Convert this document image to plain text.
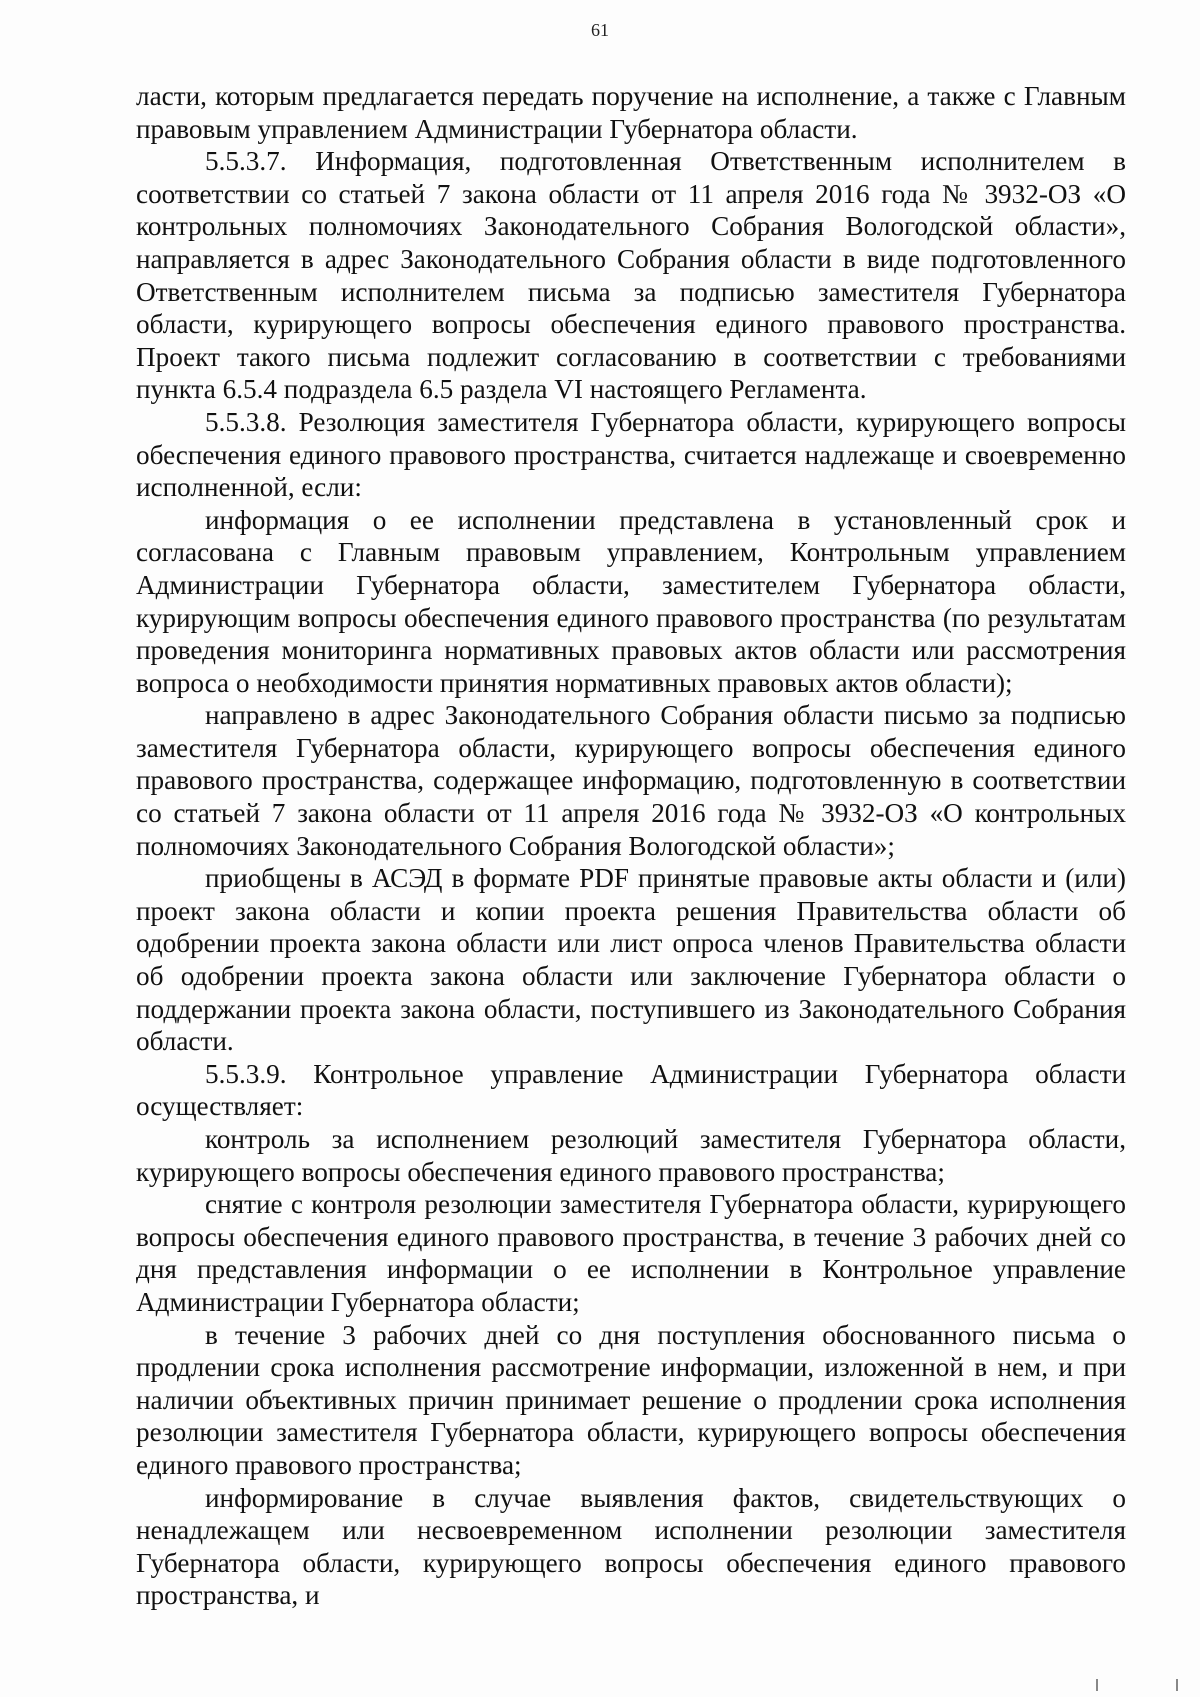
61

ласти, которым предлагается передать поручение на исполнение, а также с Главным правовым управлением Администрации Губернатора области.

5.5.3.7. Информация, подготовленная Ответственным исполнителем в соответствии со статьей 7 закона области от 11 апреля 2016 года № 3932-ОЗ «О контрольных полномочиях Законодательного Собрания Вологодской области», направляется в адрес Законодательного Собрания области в виде подготовленного Ответственным исполнителем письма за подписью заместителя Губернатора области, курирующего вопросы обеспечения единого правового пространства. Проект такого письма подлежит согласованию в соответствии с требованиями пункта 6.5.4 подраздела 6.5 раздела VI настоящего Регламента.

5.5.3.8. Резолюция заместителя Губернатора области, курирующего вопросы обеспечения единого правового пространства, считается надлежаще и своевременно исполненной, если:

информация о ее исполнении представлена в установленный срок и согласована с Главным правовым управлением, Контрольным управлением Администрации Губернатора области, заместителем Губернатора области, курирующим вопросы обеспечения единого правового пространства (по результатам проведения мониторинга нормативных правовых актов области или рассмотрения вопроса о необходимости принятия нормативных правовых актов области);

направлено в адрес Законодательного Собрания области письмо за подписью заместителя Губернатора области, курирующего вопросы обеспечения единого правового пространства, содержащее информацию, подготовленную в соответствии со статьей 7 закона области от 11 апреля 2016 года № 3932-ОЗ «О контрольных полномочиях Законодательного Собрания Вологодской области»;

приобщены в АСЭД в формате PDF принятые правовые акты области и (или) проект закона области и копии проекта решения Правительства области об одобрении проекта закона области или лист опроса членов Правительства области об одобрении проекта закона области или заключение Губернатора области о поддержании проекта закона области, поступившего из Законодательного Собрания области.

5.5.3.9. Контрольное управление Администрации Губернатора области осуществляет:

контроль за исполнением резолюций заместителя Губернатора области, курирующего вопросы обеспечения единого правового пространства;

снятие с контроля резолюции заместителя Губернатора области, курирующего вопросы обеспечения единого правового пространства, в течение 3 рабочих дней со дня представления информации о ее исполнении в Контрольное управление Администрации Губернатора области;

в течение 3 рабочих дней со дня поступления обоснованного письма о продлении срока исполнения рассмотрение информации, изложенной в нем, и при наличии объективных причин принимает решение о продлении срока исполнения резолюции заместителя Губернатора области, курирующего вопросы обеспечения единого правового пространства;

информирование в случае выявления фактов, свидетельствующих о ненадлежащем или несвоевременном исполнении резолюции заместителя Губернатора области, курирующего вопросы обеспечения единого правового пространства, и
